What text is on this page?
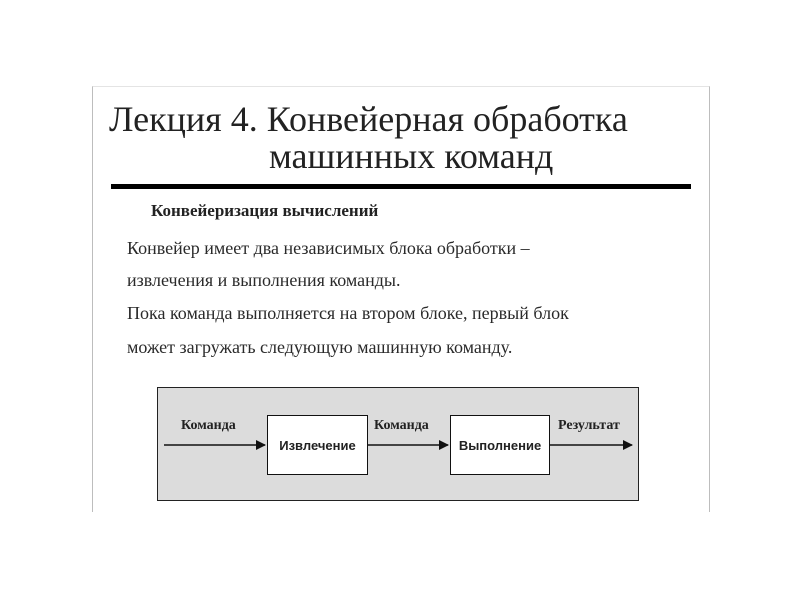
Лекция 4. Конвейерная обработка
машинных команд
Конвейеризация вычислений

Конвейер имеет два независимых блока обработки –

извлечения и выполнения команды.

Пока команда выполняется на втором блоке, первый блок

может загружать следующую машинную команду.

Команда
Извлечение
Команда
Выполнение
Результат
